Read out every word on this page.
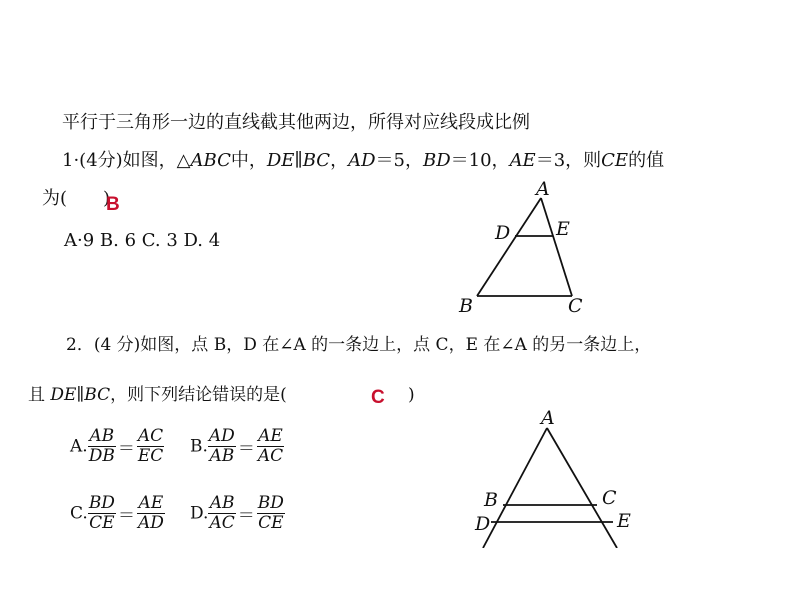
平行于三角形一边的直线截其他两边，所得对应线段成比例
1·(4分)如图，△ABC中，DE∥BC，AD＝5，BD＝10，AE＝3，则CE的值
为(　　)
B
A·9 B. 6 C. 3 D. 4
A
D E
B	C
2．(4 分)如图，点 B，D 在∠A 的一条边上，点 C，E 在∠A 的另一条边上，
且 DE∥BC，则下列结论错误的是(	C )
A. $\frac{AB}{DB} = \frac{AC}{EC} B$. $\frac{AD}{AB} = \frac{AE}{AC}$
C. $\frac{BD}{CE} = \frac{AE}{AD} D$. $\frac{AB}{AC} = \frac{BD}{CE}$
A
B	C
D	E
